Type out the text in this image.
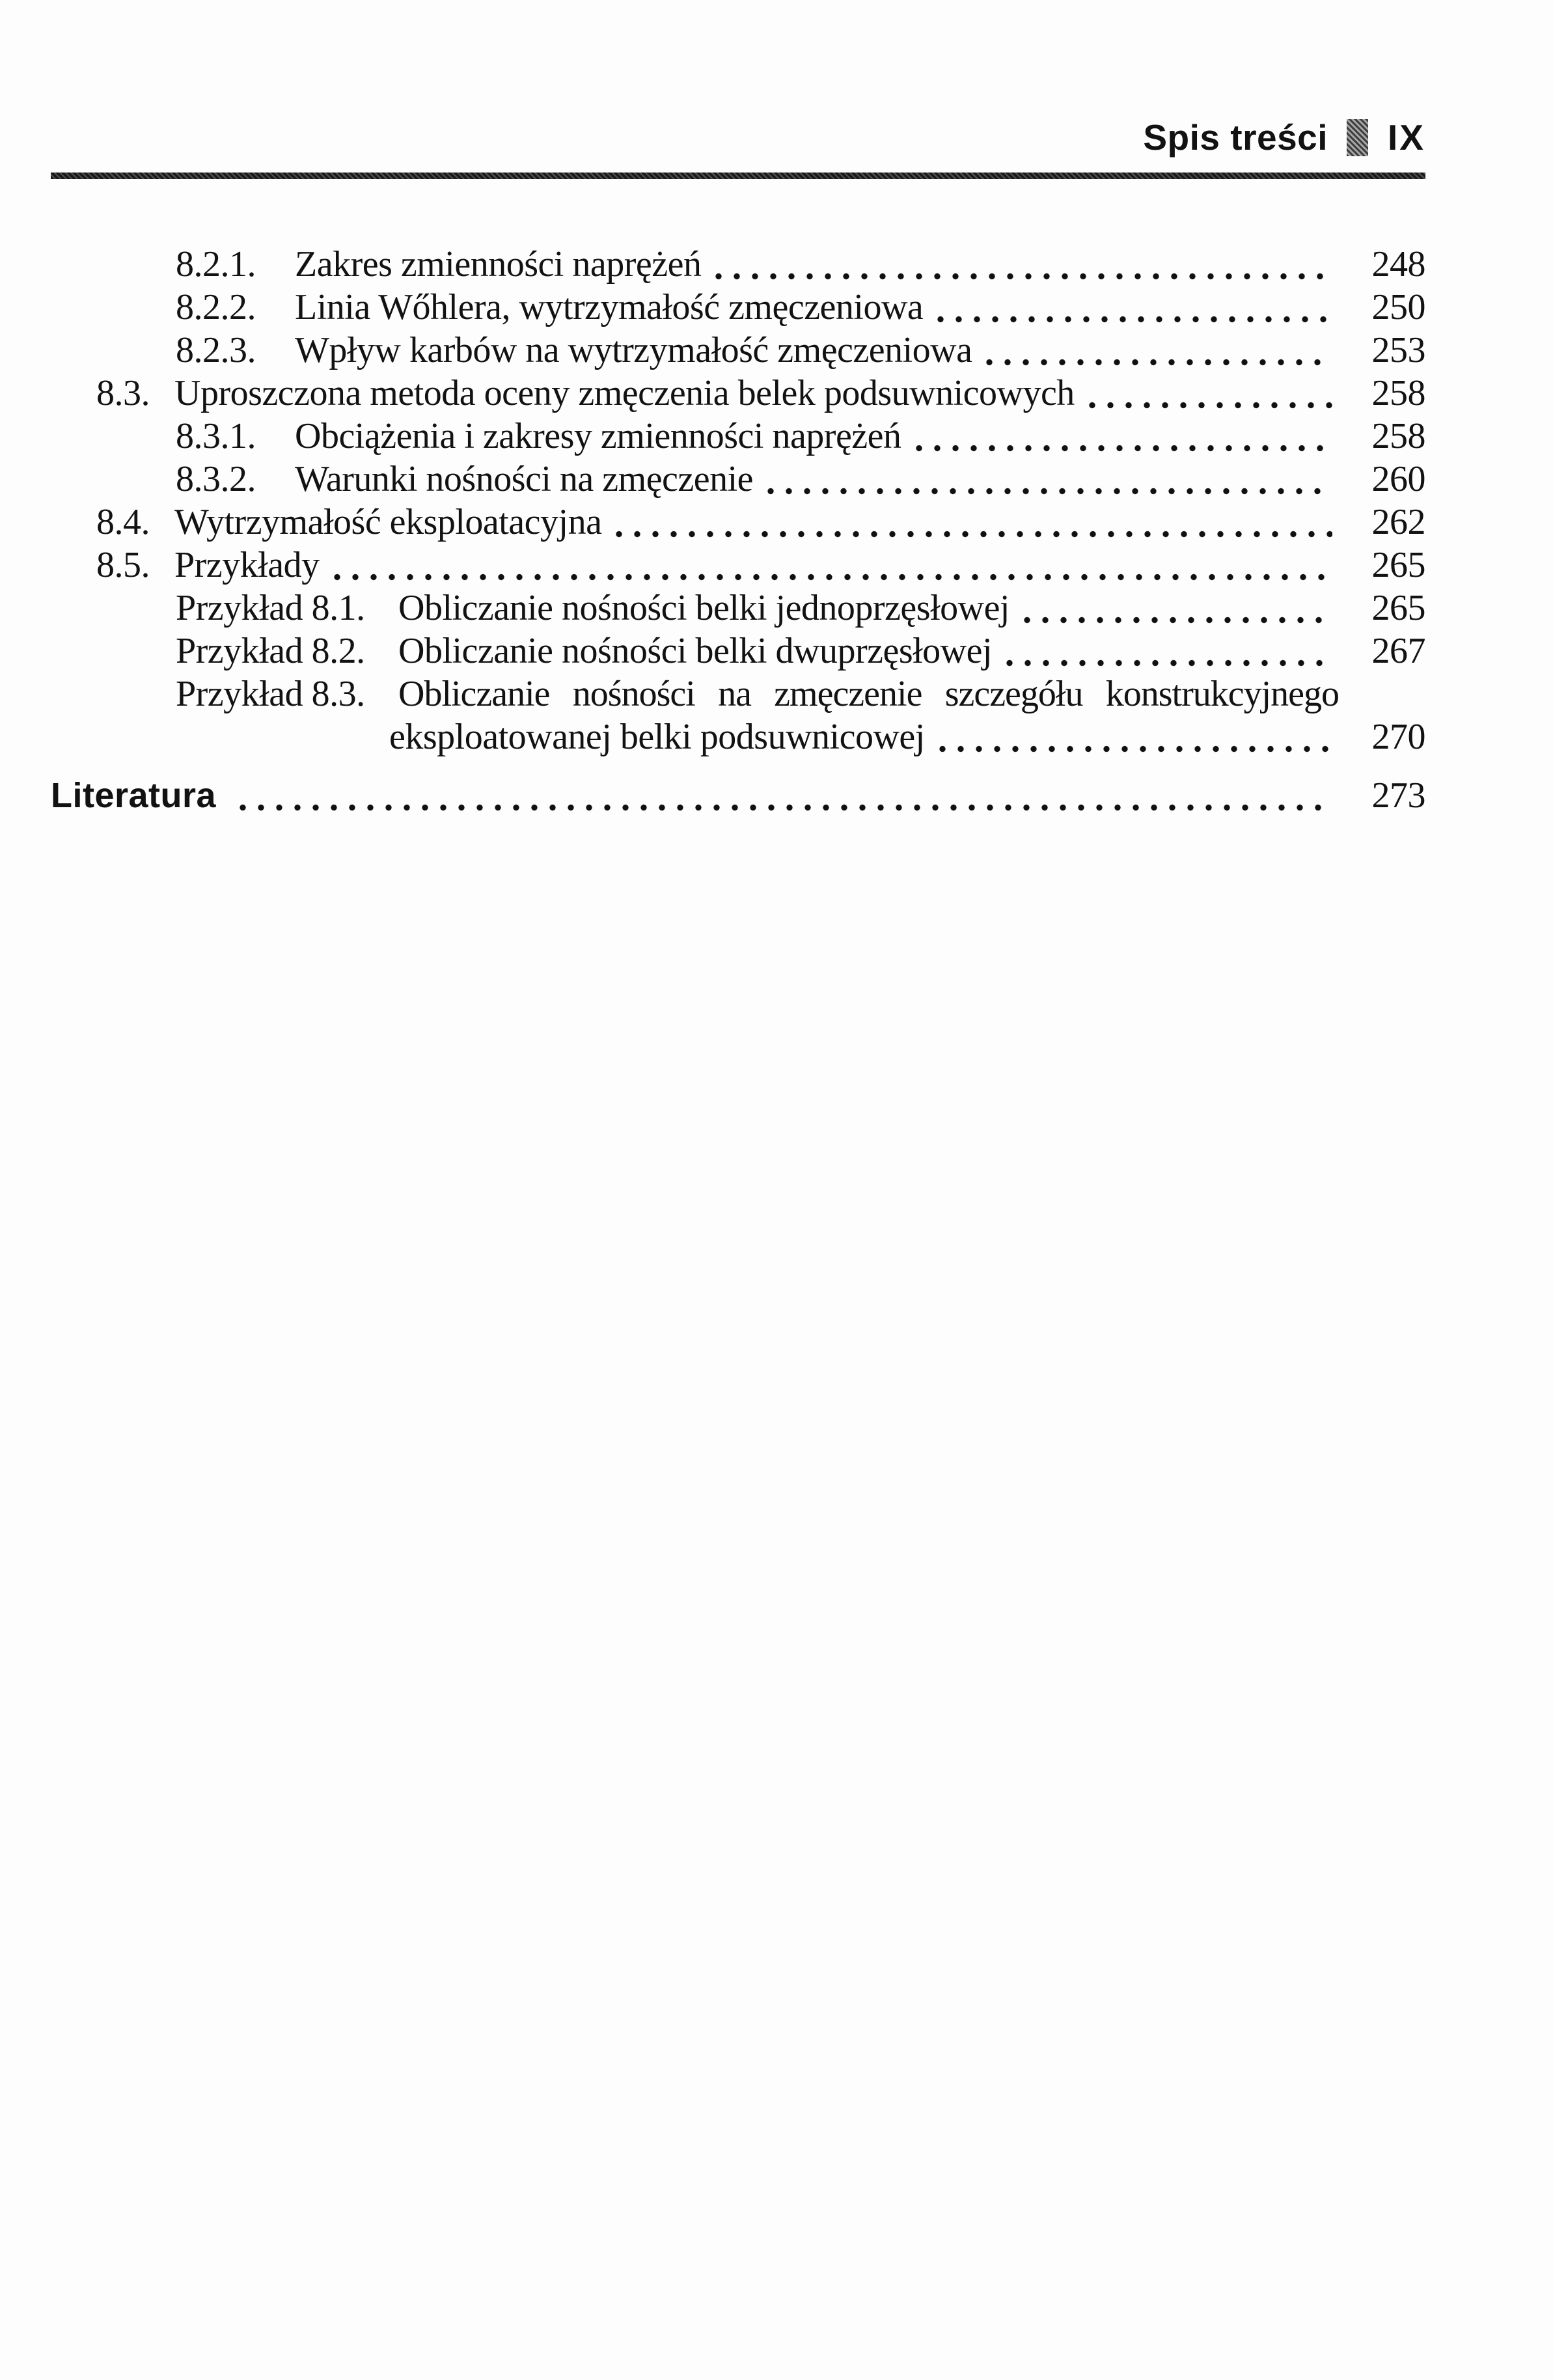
Spis treści IX
8.2.1.	Zakres zmienności naprężeń	248
8.2.2.	Linia Wőhlera, wytrzymałość zmęczeniowa	250
8.2.3.	Wpływ karbów na wytrzymałość zmęczeniowa	253
8.3. Uproszczona metoda oceny zmęczenia belek podsuwnicowych	258
8.3.1.	Obciążenia i zakresy zmienności naprężeń	258
8.3.2.	Warunki nośności na zmęczenie	260
8.4. Wytrzymałość eksploatacyjna	262
8.5. Przykłady	265
Przykład 8.1. Obliczanie nośności belki jednoprzęsłowej	265
Przykład 8.2. Obliczanie nośności belki dwuprzęsłowej	267
Przykład 8.3. Obliczanie nośności na zmęczenie szczegółu konstrukcyjnego
eksploatowanej belki podsuwnicowej	270
Literatura	273
